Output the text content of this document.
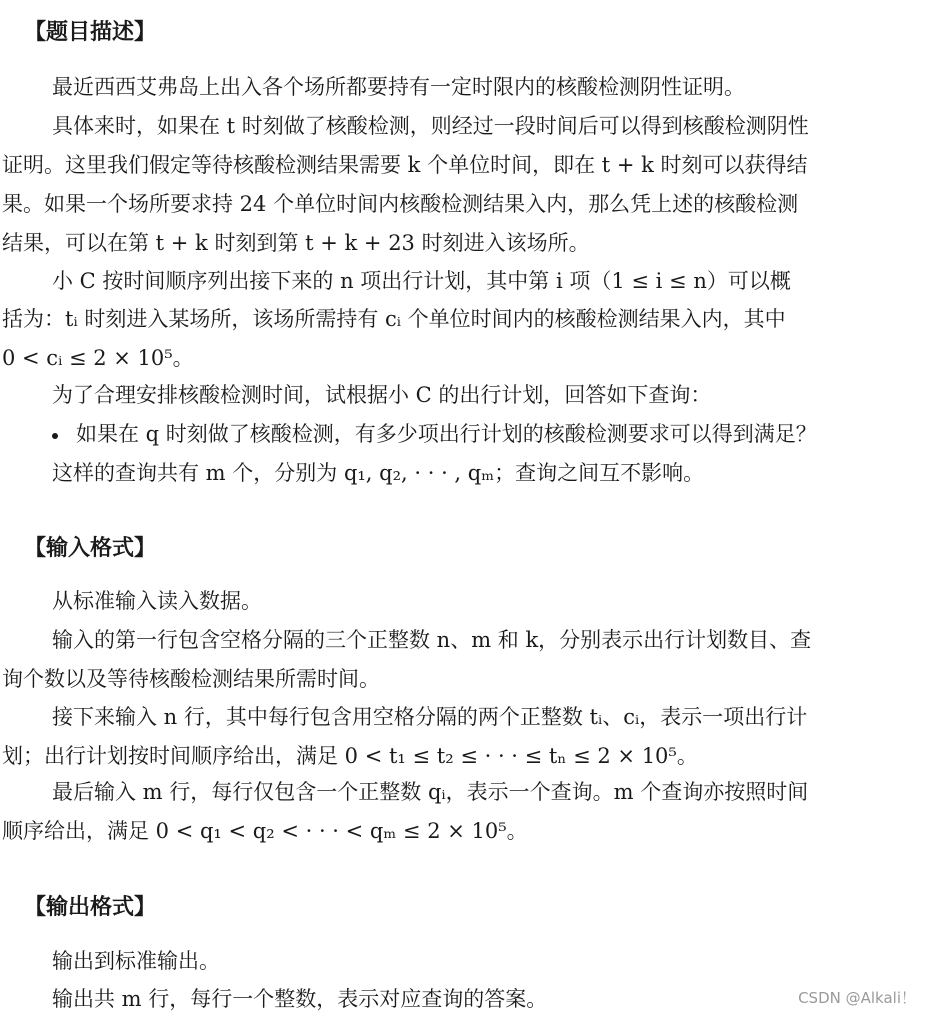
【题目描述】
最近西西艾弗岛上出入各个场所都要持有一定时限内的核酸检测阴性证明。
具体来时，如果在 t 时刻做了核酸检测，则经过一段时间后可以得到核酸检测阴性
证明。这里我们假定等待核酸检测结果需要 k 个单位时间，即在 t + k 时刻可以获得结
果。如果一个场所要求持 24 个单位时间内核酸检测结果入内，那么凭上述的核酸检测
结果，可以在第 t + k 时刻到第 t + k + 23 时刻进入该场所。
小 C 按时间顺序列出接下来的 n 项出行计划，其中第 i 项（1 ≤ i ≤ n）可以概
括为：tᵢ 时刻进入某场所，该场所需持有 cᵢ 个单位时间内的核酸检测结果入内，其中
0 < cᵢ ≤ 2 × 10⁵。
为了合理安排核酸检测时间，试根据小 C 的出行计划，回答如下查询：
如果在 q 时刻做了核酸检测，有多少项出行计划的核酸检测要求可以得到满足？
这样的查询共有 m 个，分别为 q₁, q₂, · · · , qₘ；查询之间互不影响。
【输入格式】
从标准输入读入数据。
输入的第一行包含空格分隔的三个正整数 n、m 和 k，分别表示出行计划数目、查
询个数以及等待核酸检测结果所需时间。
接下来输入 n 行，其中每行包含用空格分隔的两个正整数 tᵢ、cᵢ，表示一项出行计
划；出行计划按时间顺序给出，满足 0 < t₁ ≤ t₂ ≤ · · · ≤ tₙ ≤ 2 × 10⁵。
最后输入 m 行，每行仅包含一个正整数 qᵢ，表示一个查询。m 个查询亦按照时间
顺序给出，满足 0 < q₁ < q₂ < · · · < qₘ ≤ 2 × 10⁵。
【输出格式】
输出到标准输出。
输出共 m 行，每行一个整数，表示对应查询的答案。	CSDN @Alkali！
